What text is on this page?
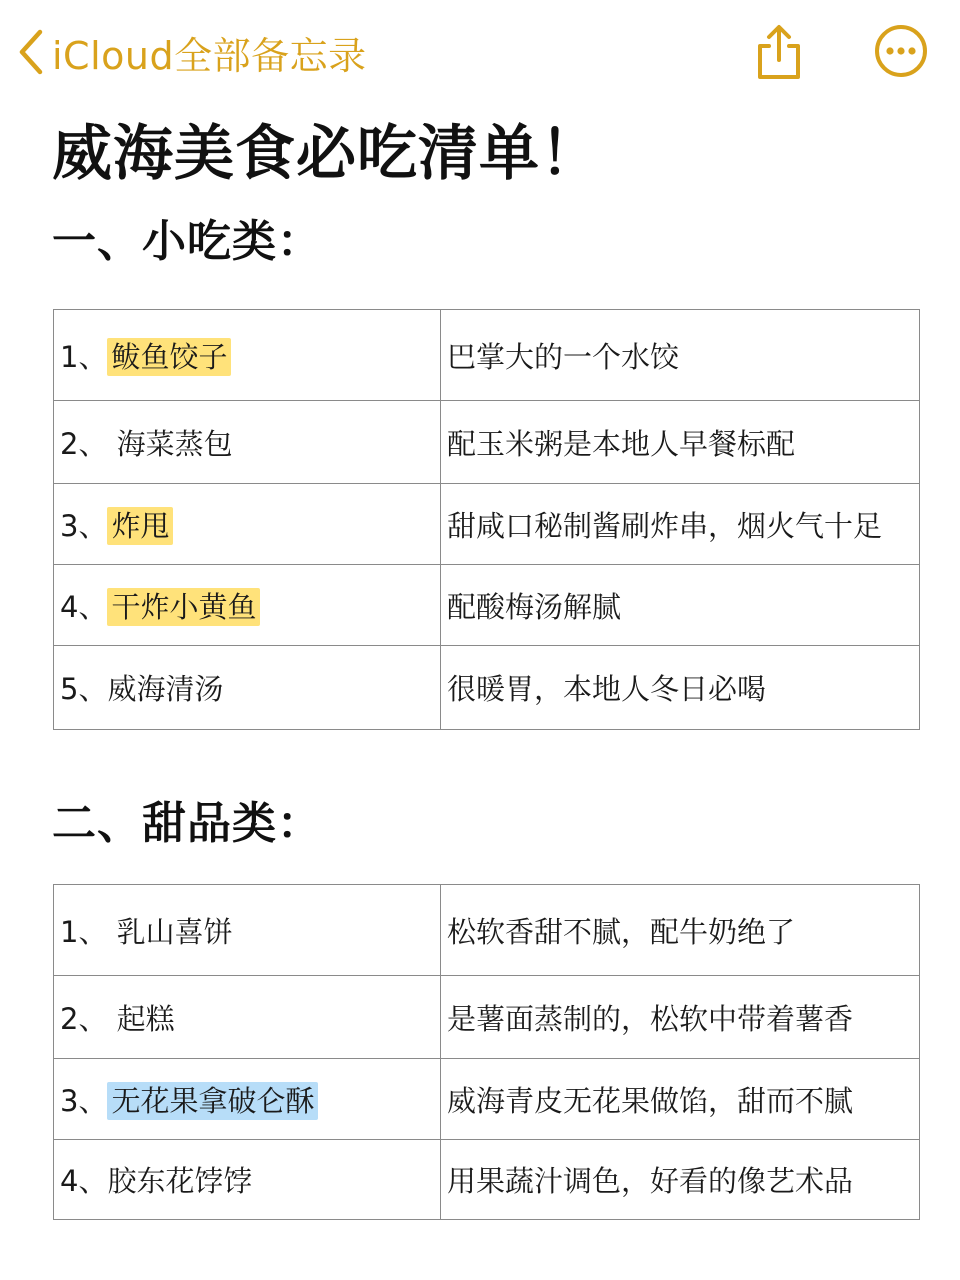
iCloud全部备忘录
威海美食必吃清单！
一、小吃类：
1、 鲅鱼饺子	巴掌大的一个水饺
2、 海菜蒸包	配玉米粥是本地人早餐标配
3、 炸甩	甜咸口秘制酱刷炸串，烟火气十足
4、 干炸小黄鱼	配酸梅汤解腻
5、威海清汤	很暖胃，本地人冬日必喝
二、甜品类：
1、 乳山喜饼	松软香甜不腻，配牛奶绝了
2、 起糕	是薯面蒸制的，松软中带着薯香
3、 无花果拿破仑酥	威海青皮无花果做馅，甜而不腻
4、胶东花饽饽	用果蔬汁调色，好看的像艺术品
